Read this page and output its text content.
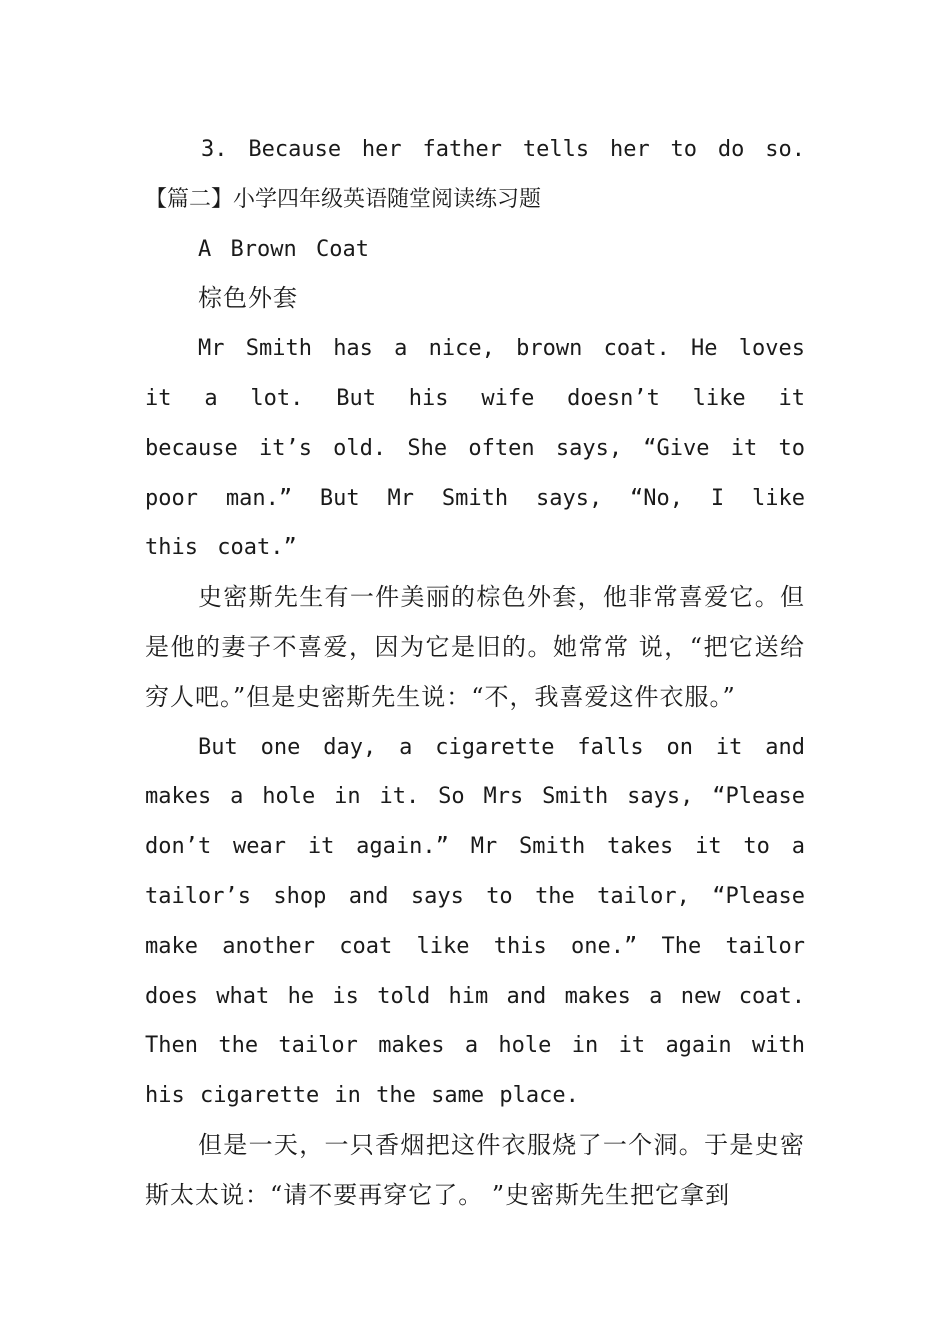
3. Because her father tells her to do so.【篇二】小学四年级英语随堂阅读练习题

A Brown Coat

棕色外套

Mr Smith has a nice, brown coat. He loves it a lot. But his wife doesn’t like it because it’s old. She often says, “Give it to poor man.” But Mr Smith says, “No, I like this coat.”

史密斯先生有一件美丽的棕色外套，他非常喜爱它。但是他的妻子不喜爱，因为它是旧的。她常常 说，“把它送给穷人吧。”但是史密斯先生说：“不，我喜爱这件衣服。”

But one day, a cigarette falls on it and makes a hole in it. So Mrs Smith says, “Please don’t wear it again.” Mr Smith takes it to a tailor’s shop and says to the tailor, “Please make another coat like this one.” The tailor does what he is told him and makes a new coat. Then the tailor makes a hole in it again with his cigarette in the same place.

但是一天，一只香烟把这件衣服烧了一个洞。于是史密斯太太说：“请不要再穿它了。 ”史密斯先生把它拿到
